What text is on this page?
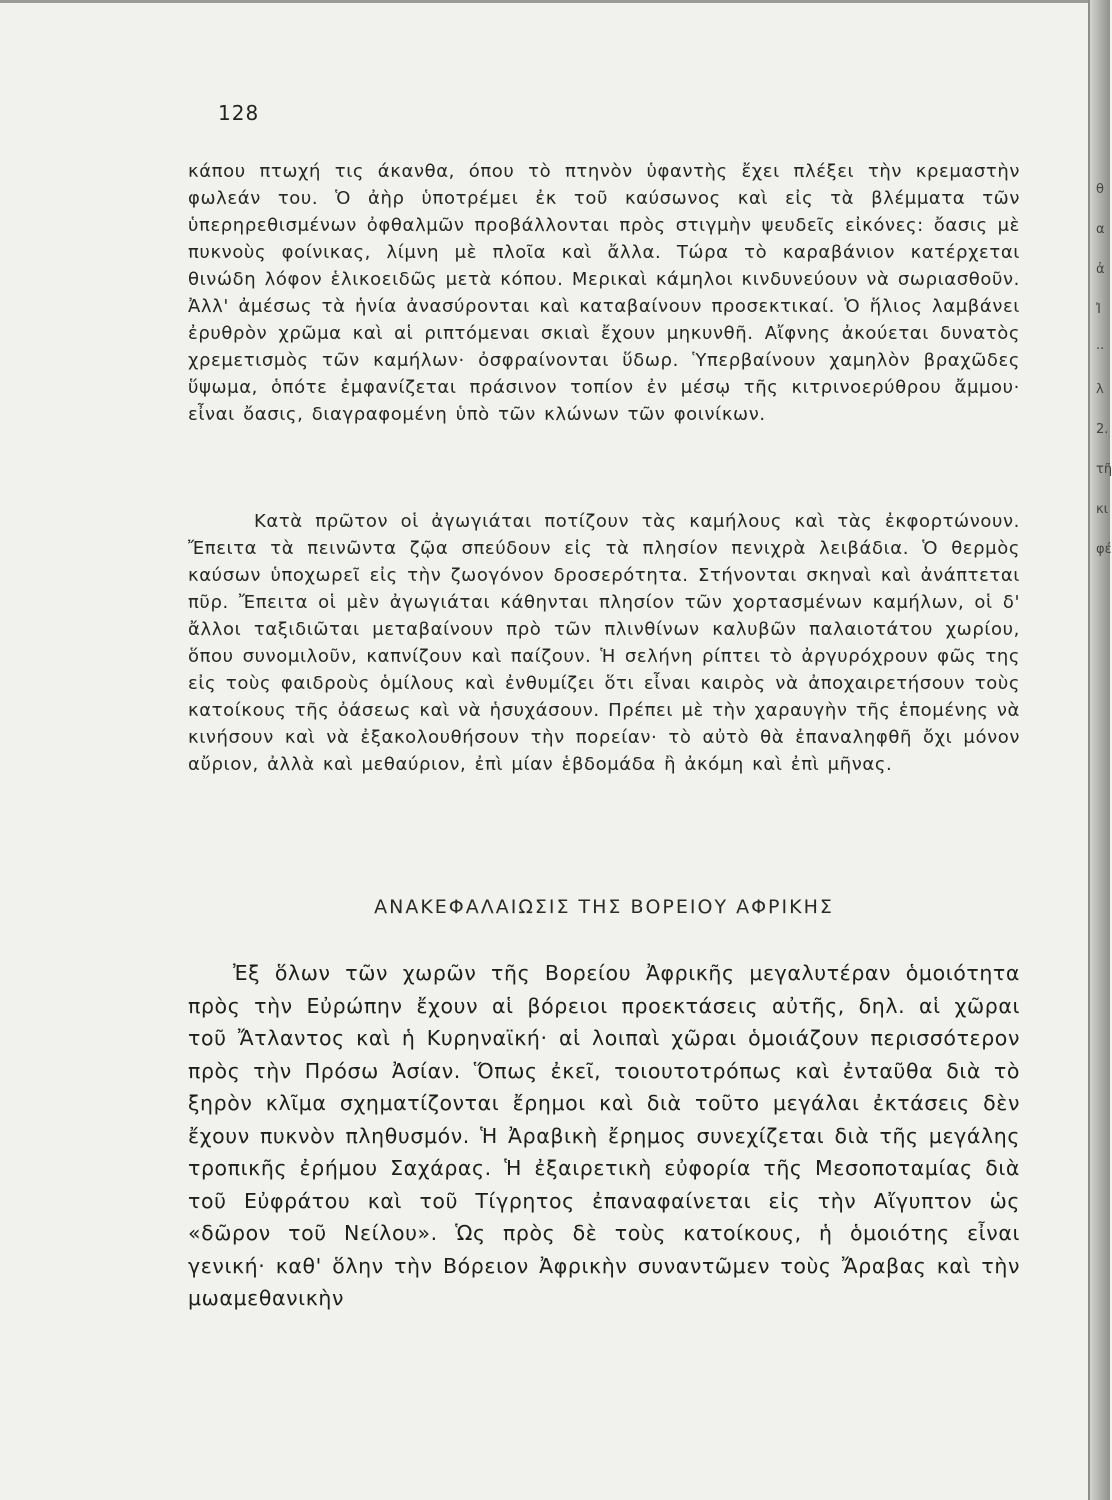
θ α ἀ Ἰ ·· λ 2. τῆ κι φέ
128

κάπου πτωχή τις άκανθα, όπου τὸ πτηνὸν ὑφαντὴς ἔχει πλέξει τὴν κρεμαστὴν φωλεάν του. Ὁ ἀὴρ ὑποτρέμει ἐκ τοῦ καύσωνος καὶ εἰς τὰ βλέμματα τῶν ὑπερηρεθισμένων ὀφθαλμῶν προβάλλονται πρὸς στιγμὴν ψευδεῖς εἰκόνες: ὄασις μὲ πυκνοὺς φοίνικας, λίμνη μὲ πλοῖα καὶ ἄλλα. Τώρα τὸ καραβάνιον κατέρχεται θινώδη λόφον ἑλικοειδῶς μετὰ κόπου. Μερικαὶ κάμηλοι κινδυνεύουν νὰ σωριασθοῦν. Ἀλλ' ἀμέσως τὰ ἡνία ἀνασύρονται καὶ καταβαίνουν προσεκτικαί. Ὁ ἥλιος λαμβάνει ἐρυθρὸν χρῶμα καὶ αἱ ριπτόμεναι σκιαὶ ἔχουν μηκυνθῆ. Αἴφνης ἀκούεται δυνατὸς χρεμετισμὸς τῶν καμήλων· ὀσφραίνονται ὕδωρ. Ὑπερβαίνουν χαμηλὸν βραχῶδες ὕψωμα, ὁπότε ἐμφανίζεται πράσινον τοπίον ἐν μέσῳ τῆς κιτρινοερύθρου ἄμμου· εἶναι ὄασις, διαγραφομένη ὑπὸ τῶν κλώνων τῶν φοινίκων.

Κατὰ πρῶτον οἱ ἀγωγιάται ποτίζουν τὰς καμήλους καὶ τὰς ἐκφορτώνουν. Ἔπειτα τὰ πεινῶντα ζῷα σπεύδουν εἰς τὰ πλησίον πενιχρὰ λειβάδια. Ὁ θερμὸς καύσων ὑποχωρεῖ εἰς τὴν ζωογόνον δροσερότητα. Στήνονται σκηναὶ καὶ ἀνάπτεται πῦρ. Ἔπειτα οἱ μὲν ἀγωγιάται κάθηνται πλησίον τῶν χορτασμένων καμήλων, οἱ δ' ἄλλοι ταξιδιῶται μεταβαίνουν πρὸ τῶν πλινθίνων καλυβῶν παλαιοτάτου χωρίου, ὅπου συνομιλοῦν, καπνίζουν καὶ παίζουν. Ἡ σελήνη ρίπτει τὸ ἀργυρόχρουν φῶς της εἰς τοὺς φαιδροὺς ὁμίλους καὶ ἐνθυμίζει ὅτι εἶναι καιρὸς νὰ ἀποχαιρετήσουν τοὺς κατοίκους τῆς ὀάσεως καὶ νὰ ἡσυχάσουν. Πρέπει μὲ τὴν χαραυγὴν τῆς ἑπομένης νὰ κινήσουν καὶ νὰ ἐξακολουθήσουν τὴν πορείαν· τὸ αὐτὸ θὰ ἐπαναληφθῆ ὄχι μόνον αὔριον, ἀλλὰ καὶ μεθαύριον, ἐπὶ μίαν ἑβδομάδα ἢ ἀκόμη καὶ ἐπὶ μῆνας.

ΑΝΑΚΕΦΑΛΑΙΩΣΙΣ ΤΗΣ ΒΟΡΕΙΟΥ ΑΦΡΙΚΗΣ

Ἐξ ὅλων τῶν χωρῶν τῆς Βορείου Ἀφρικῆς μεγαλυτέραν ὁμοιότητα πρὸς τὴν Εὐρώπην ἔχουν αἱ βόρειοι προεκτάσεις αὐτῆς, δηλ. αἱ χῶραι τοῦ Ἄτλαντος καὶ ἡ Κυρηναϊκή· αἱ λοιπαὶ χῶραι ὁμοιάζουν περισσότερον πρὸς τὴν Πρόσω Ἀσίαν. Ὅπως ἐκεῖ, τοιουτοτρόπως καὶ ἐνταῦθα διὰ τὸ ξηρὸν κλῖμα σχηματίζονται ἔρημοι καὶ διὰ τοῦτο μεγάλαι ἐκτάσεις δὲν ἔχουν πυκνὸν πληθυσμόν. Ἡ Ἀραβικὴ ἔρημος συνεχίζεται διὰ τῆς μεγάλης τροπικῆς ἐρήμου Σαχάρας. Ἡ ἐξαιρετικὴ εὐφορία τῆς Μεσοποταμίας διὰ τοῦ Εὐφράτου καὶ τοῦ Τίγρητος ἐπαναφαίνεται εἰς τὴν Αἴγυπτον ὡς «δῶρον τοῦ Νείλου». Ὡς πρὸς δὲ τοὺς κατοίκους, ἡ ὁμοιότης εἶναι γενική· καθ' ὅλην τὴν Βόρειον Ἀφρικὴν συναντῶμεν τοὺς Ἄραβας καὶ τὴν μωαμεθανικὴν
